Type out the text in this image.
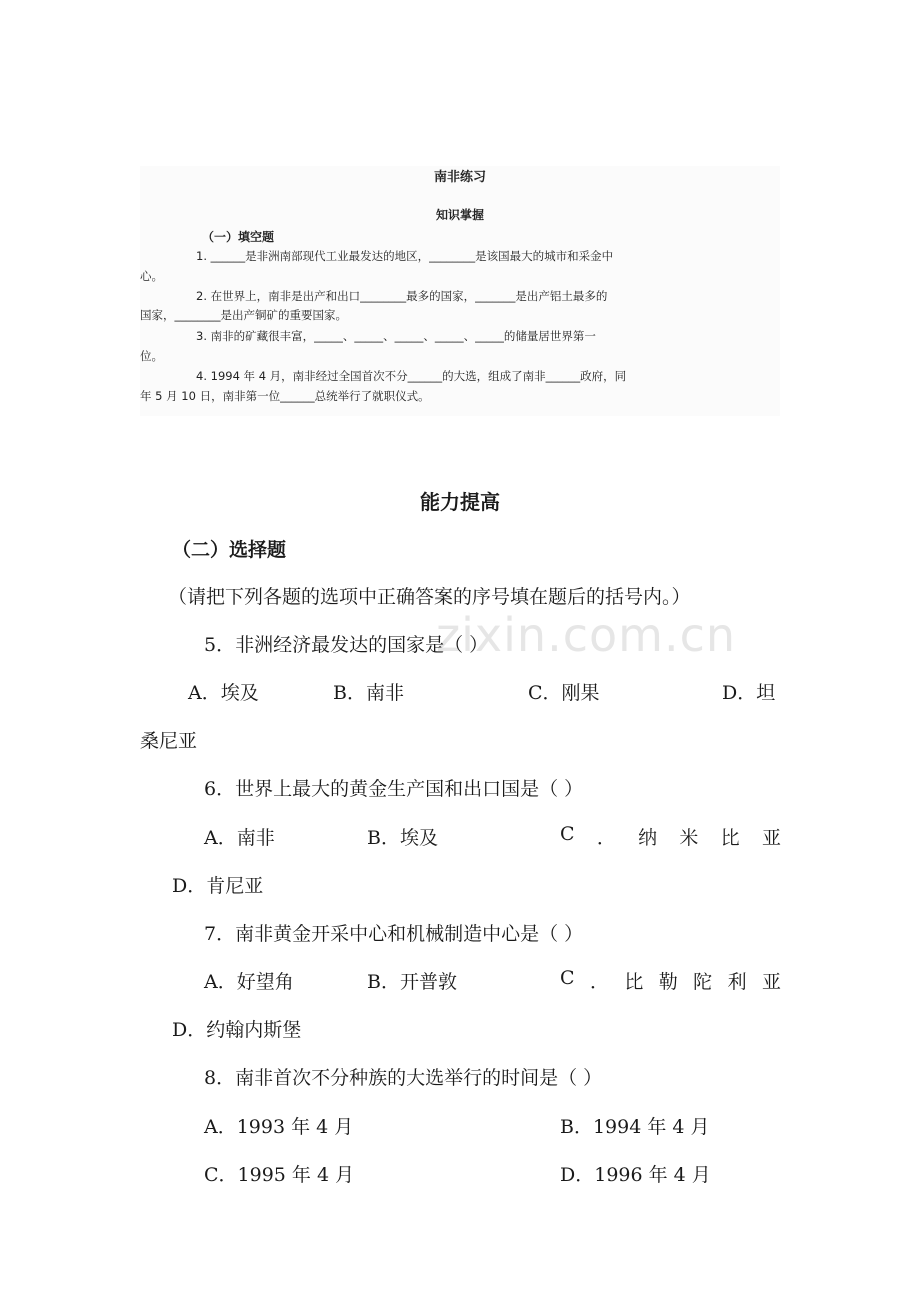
南非练习
知识掌握
（一）填空题
1. ______是非洲南部现代工业最发达的地区，________是该国最大的城市和采金中
心。
2. 在世界上，南非是出产和出口________最多的国家，_______是出产铝土最多的
国家，________是出产铜矿的重要国家。
3. 南非的矿藏很丰富，_____、_____、_____、_____、_____的储量居世界第一
位。
4. 1994 年 4 月，南非经过全国首次不分______的大选，组成了南非______政府，同
年 5 月 10 日，南非第一位______总统举行了就职仪式。
能力提高
（二）选择题
（请把下列各题的选项中正确答案的序号填在题后的括号内。）
zixin.com.cn
5．非洲经济最发达的国家是（ ）
A．埃及	B．南非	C．刚果	D．坦
桑尼亚
6．世界上最大的黄金生产国和出口国是（ ）
A．南非	B．埃及	C ． 纳 米 比 亚
D．肯尼亚
7．南非黄金开采中心和机械制造中心是（ ）
A．好望角	B．开普敦	C ． 比 勒 陀 利 亚
D．约翰内斯堡
8．南非首次不分种族的大选举行的时间是（ ）
A．1993 年 4 月	B．1994 年 4 月
C．1995 年 4 月	D．1996 年 4 月
